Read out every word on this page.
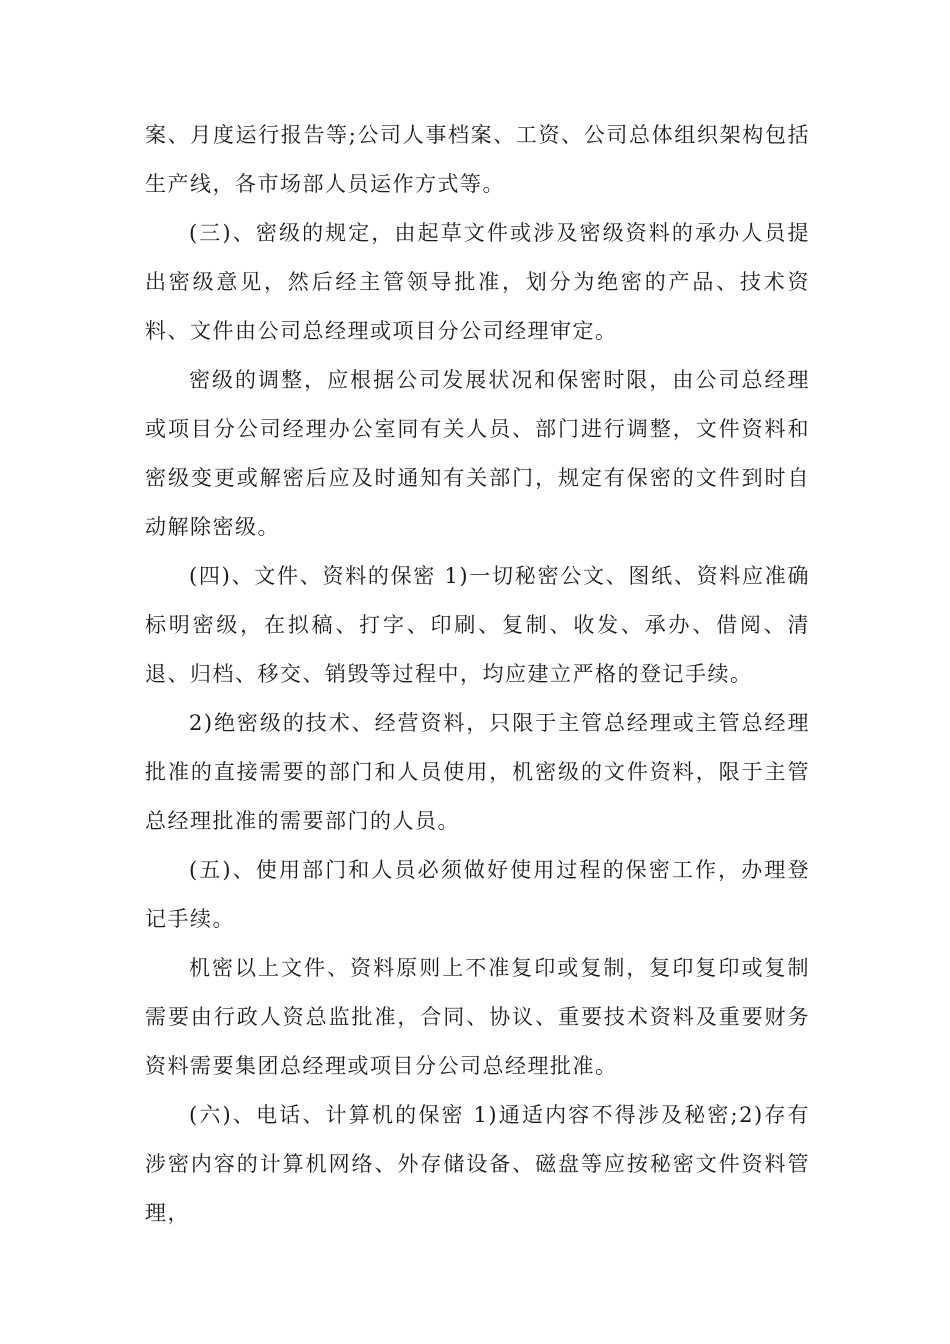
案、月度运行报告等;公司人事档案、工资、公司总体组织架构包括生产线，各市场部人员运作方式等。

(三)、密级的规定，由起草文件或涉及密级资料的承办人员提出密级意见，然后经主管领导批准，划分为绝密的产品、技术资料、文件由公司总经理或项目分公司经理审定。

密级的调整，应根据公司发展状况和保密时限，由公司总经理或项目分公司经理办公室同有关人员、部门进行调整，文件资料和密级变更或解密后应及时通知有关部门，规定有保密的文件到时自动解除密级。

(四)、文件、资料的保密 1)一切秘密公文、图纸、资料应准确标明密级，在拟稿、打字、印刷、复制、收发、承办、借阅、清退、归档、移交、销毁等过程中，均应建立严格的登记手续。

2)绝密级的技术、经营资料，只限于主管总经理或主管总经理批准的直接需要的部门和人员使用，机密级的文件资料，限于主管总经理批准的需要部门的人员。

(五)、使用部门和人员必须做好使用过程的保密工作，办理登记手续。

机密以上文件、资料原则上不准复印或复制，复印复印或复制需要由行政人资总监批准，合同、协议、重要技术资料及重要财务资料需要集团总经理或项目分公司总经理批准。

(六)、电话、计算机的保密 1)通适内容不得涉及秘密;2)存有涉密内容的计算机网络、外存储设备、磁盘等应按秘密文件资料管理，
